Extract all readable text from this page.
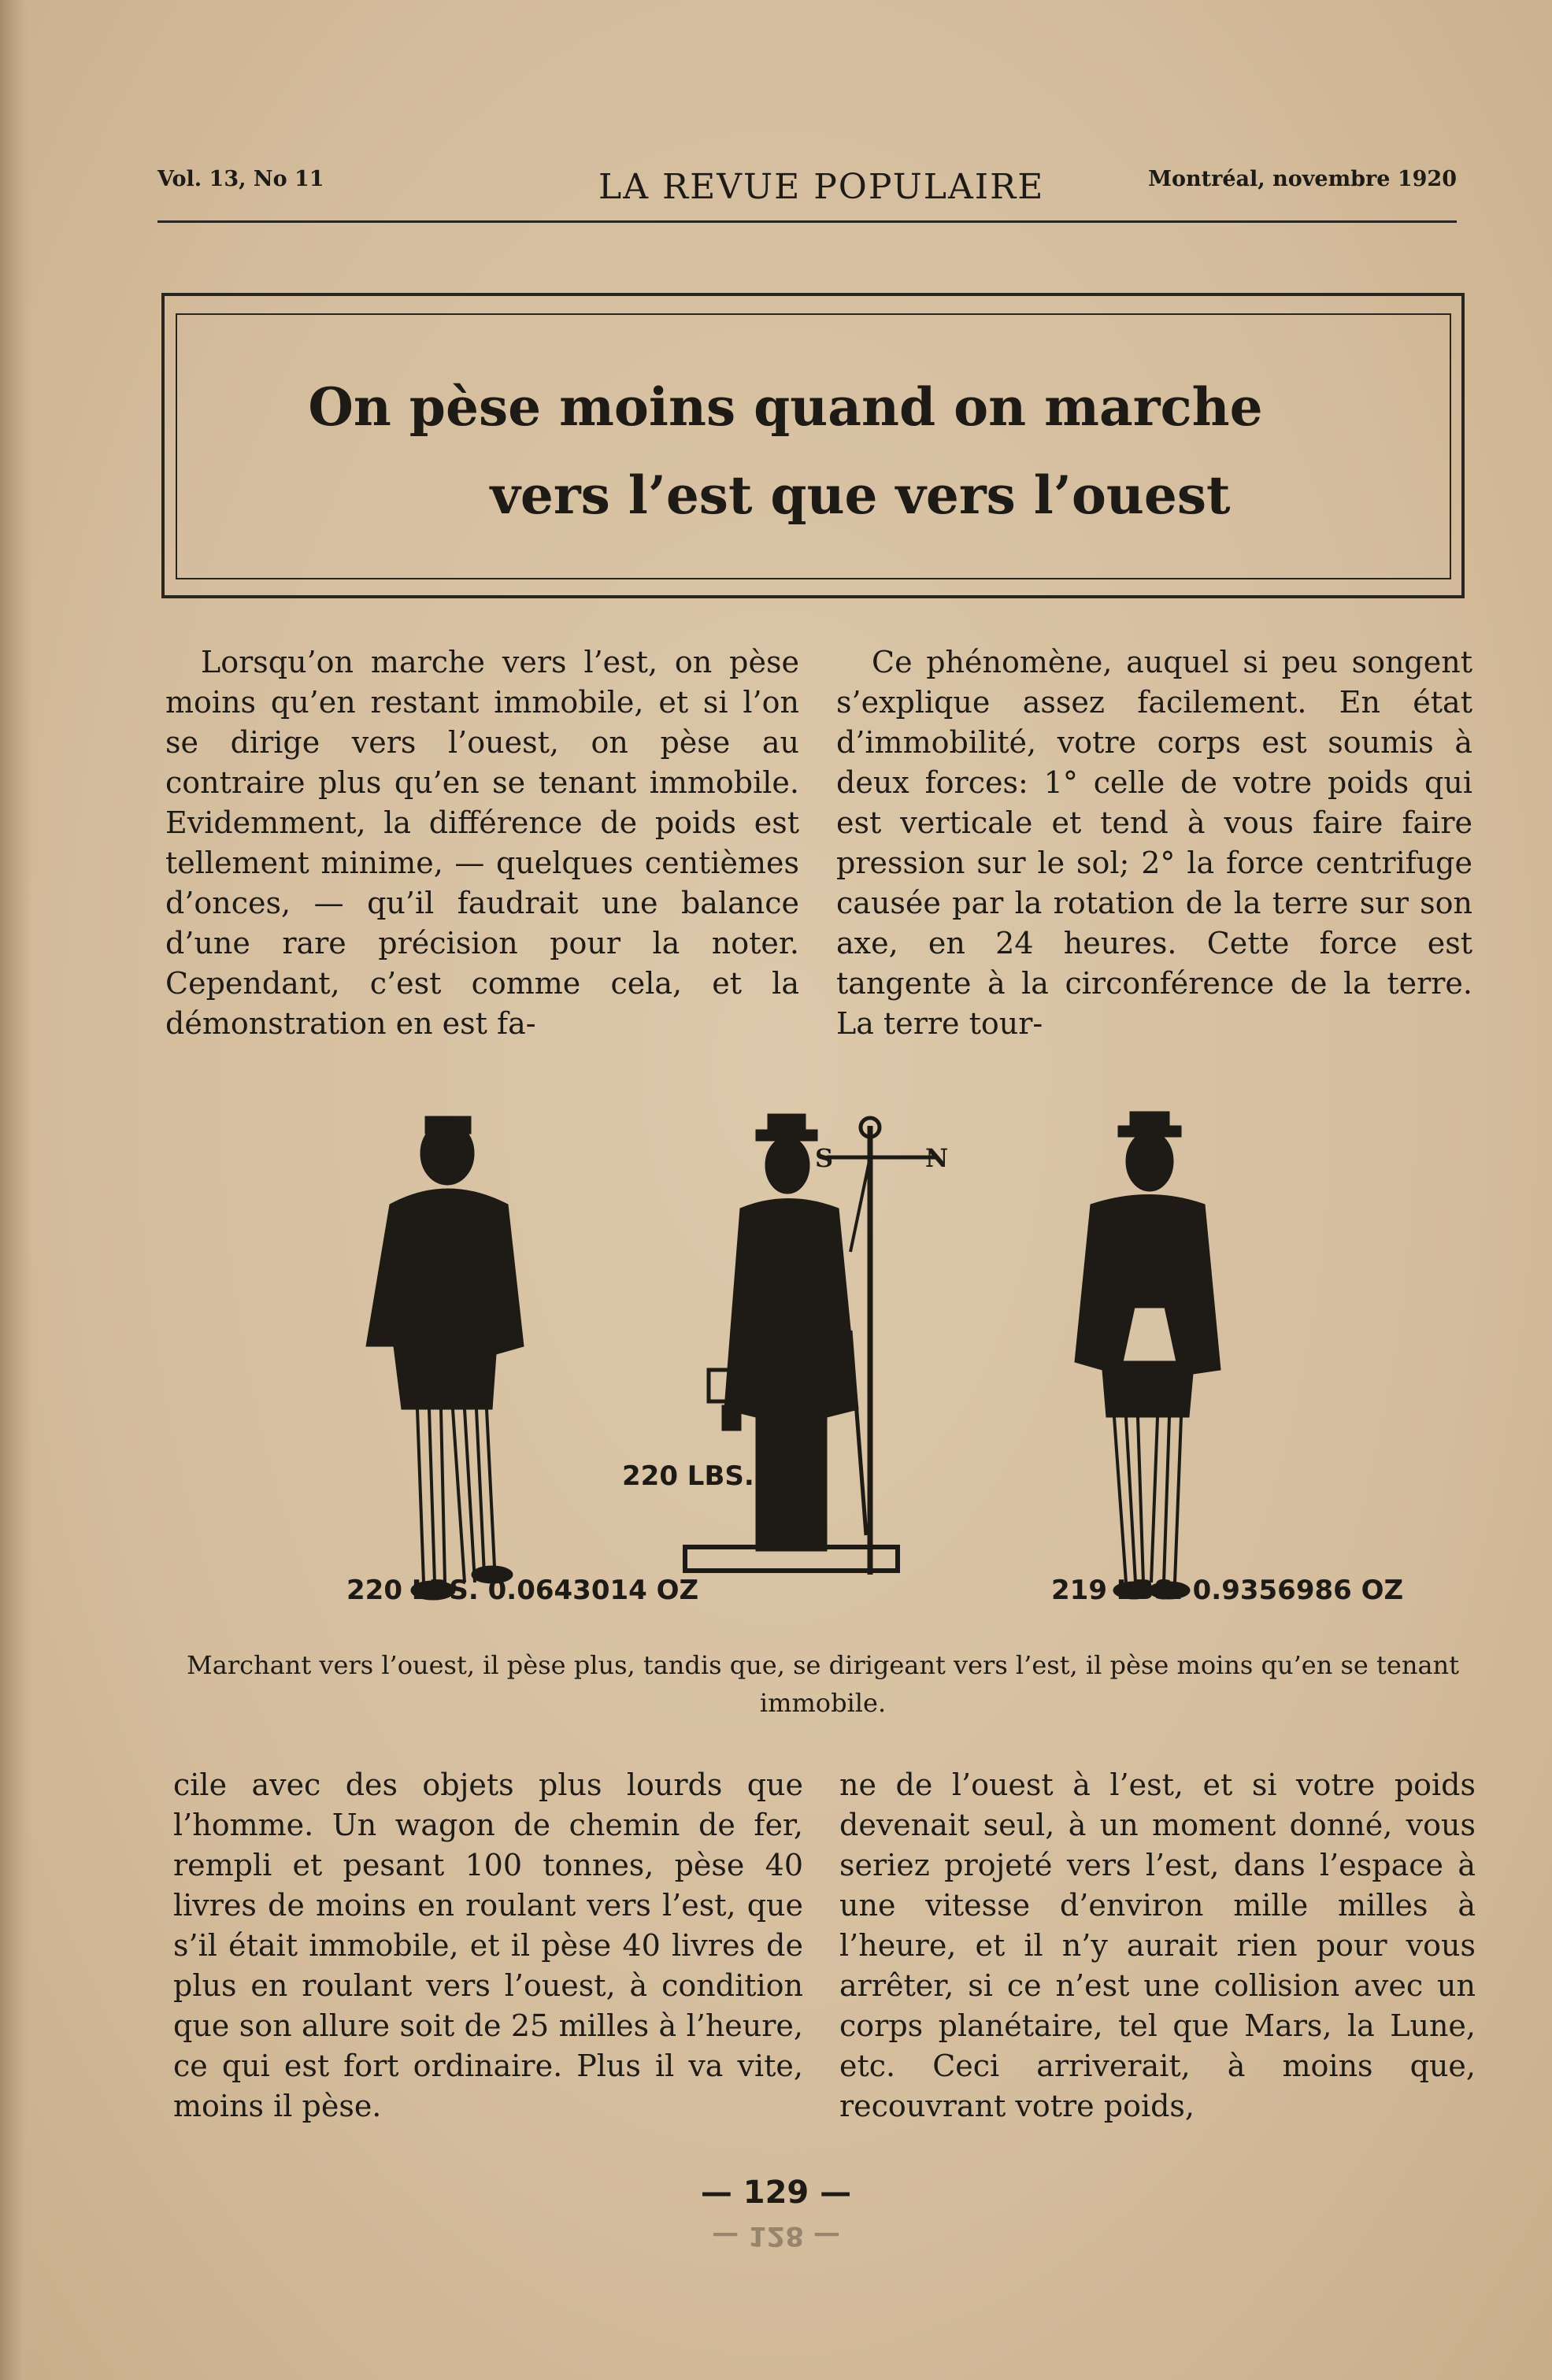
Vol. 13, No 11	LA REVUE POPULAIRE	Montréal, novembre 1920
On pèse moins quand on marche
vers l’est que vers l’ouest

Lorsqu’on marche vers l’est, on pèse moins qu’en restant immobile, et si l’on se dirige vers l’ouest, on pèse au contraire plus qu’en se tenant immobile. Evidemment, la différence de poids est tellement minime, — quelques centièmes d’onces, — qu’il faudrait une balance d’une rare précision pour la noter. Cependant, c’est comme cela, et la démonstration en est fa-

Ce phénomène, auquel si peu songent s’explique assez facilement. En état d’immobilité, votre corps est soumis à deux forces: 1° celle de votre poids qui est verticale et tend à vous faire faire pression sur le sol; 2° la force centrifuge causée par la rotation de la terre sur son axe, en 24 heures. Cette force est tangente à la circonférence de la terre. La terre tour-

S	N
220 LBS. 0.0643014 OZ
220 LBS.
219 LBS. 0.9356986 OZ
Marchant vers l’ouest, il pèse plus, tandis que, se dirigeant vers l’est, il pèse moins qu’en se tenant immobile.

cile avec des objets plus lourds que l’homme. Un wagon de chemin de fer, rempli et pesant 100 tonnes, pèse 40 livres de moins en roulant vers l’est, que s’il était immobile, et il pèse 40 livres de plus en roulant vers l’ouest, à condition que son allure soit de 25 milles à l’heure, ce qui est fort ordinaire. Plus il va vite, moins il pèse.

ne de l’ouest à l’est, et si votre poids devenait seul, à un moment donné, vous seriez projeté vers l’est, dans l’espace à une vitesse d’environ mille milles à l’heure, et il n’y aurait rien pour vous arrêter, si ce n’est une collision avec un corps planétaire, tel que Mars, la Lune, etc. Ceci arriverait, à moins que, recouvrant votre poids,

— 129 —
— 128 —
